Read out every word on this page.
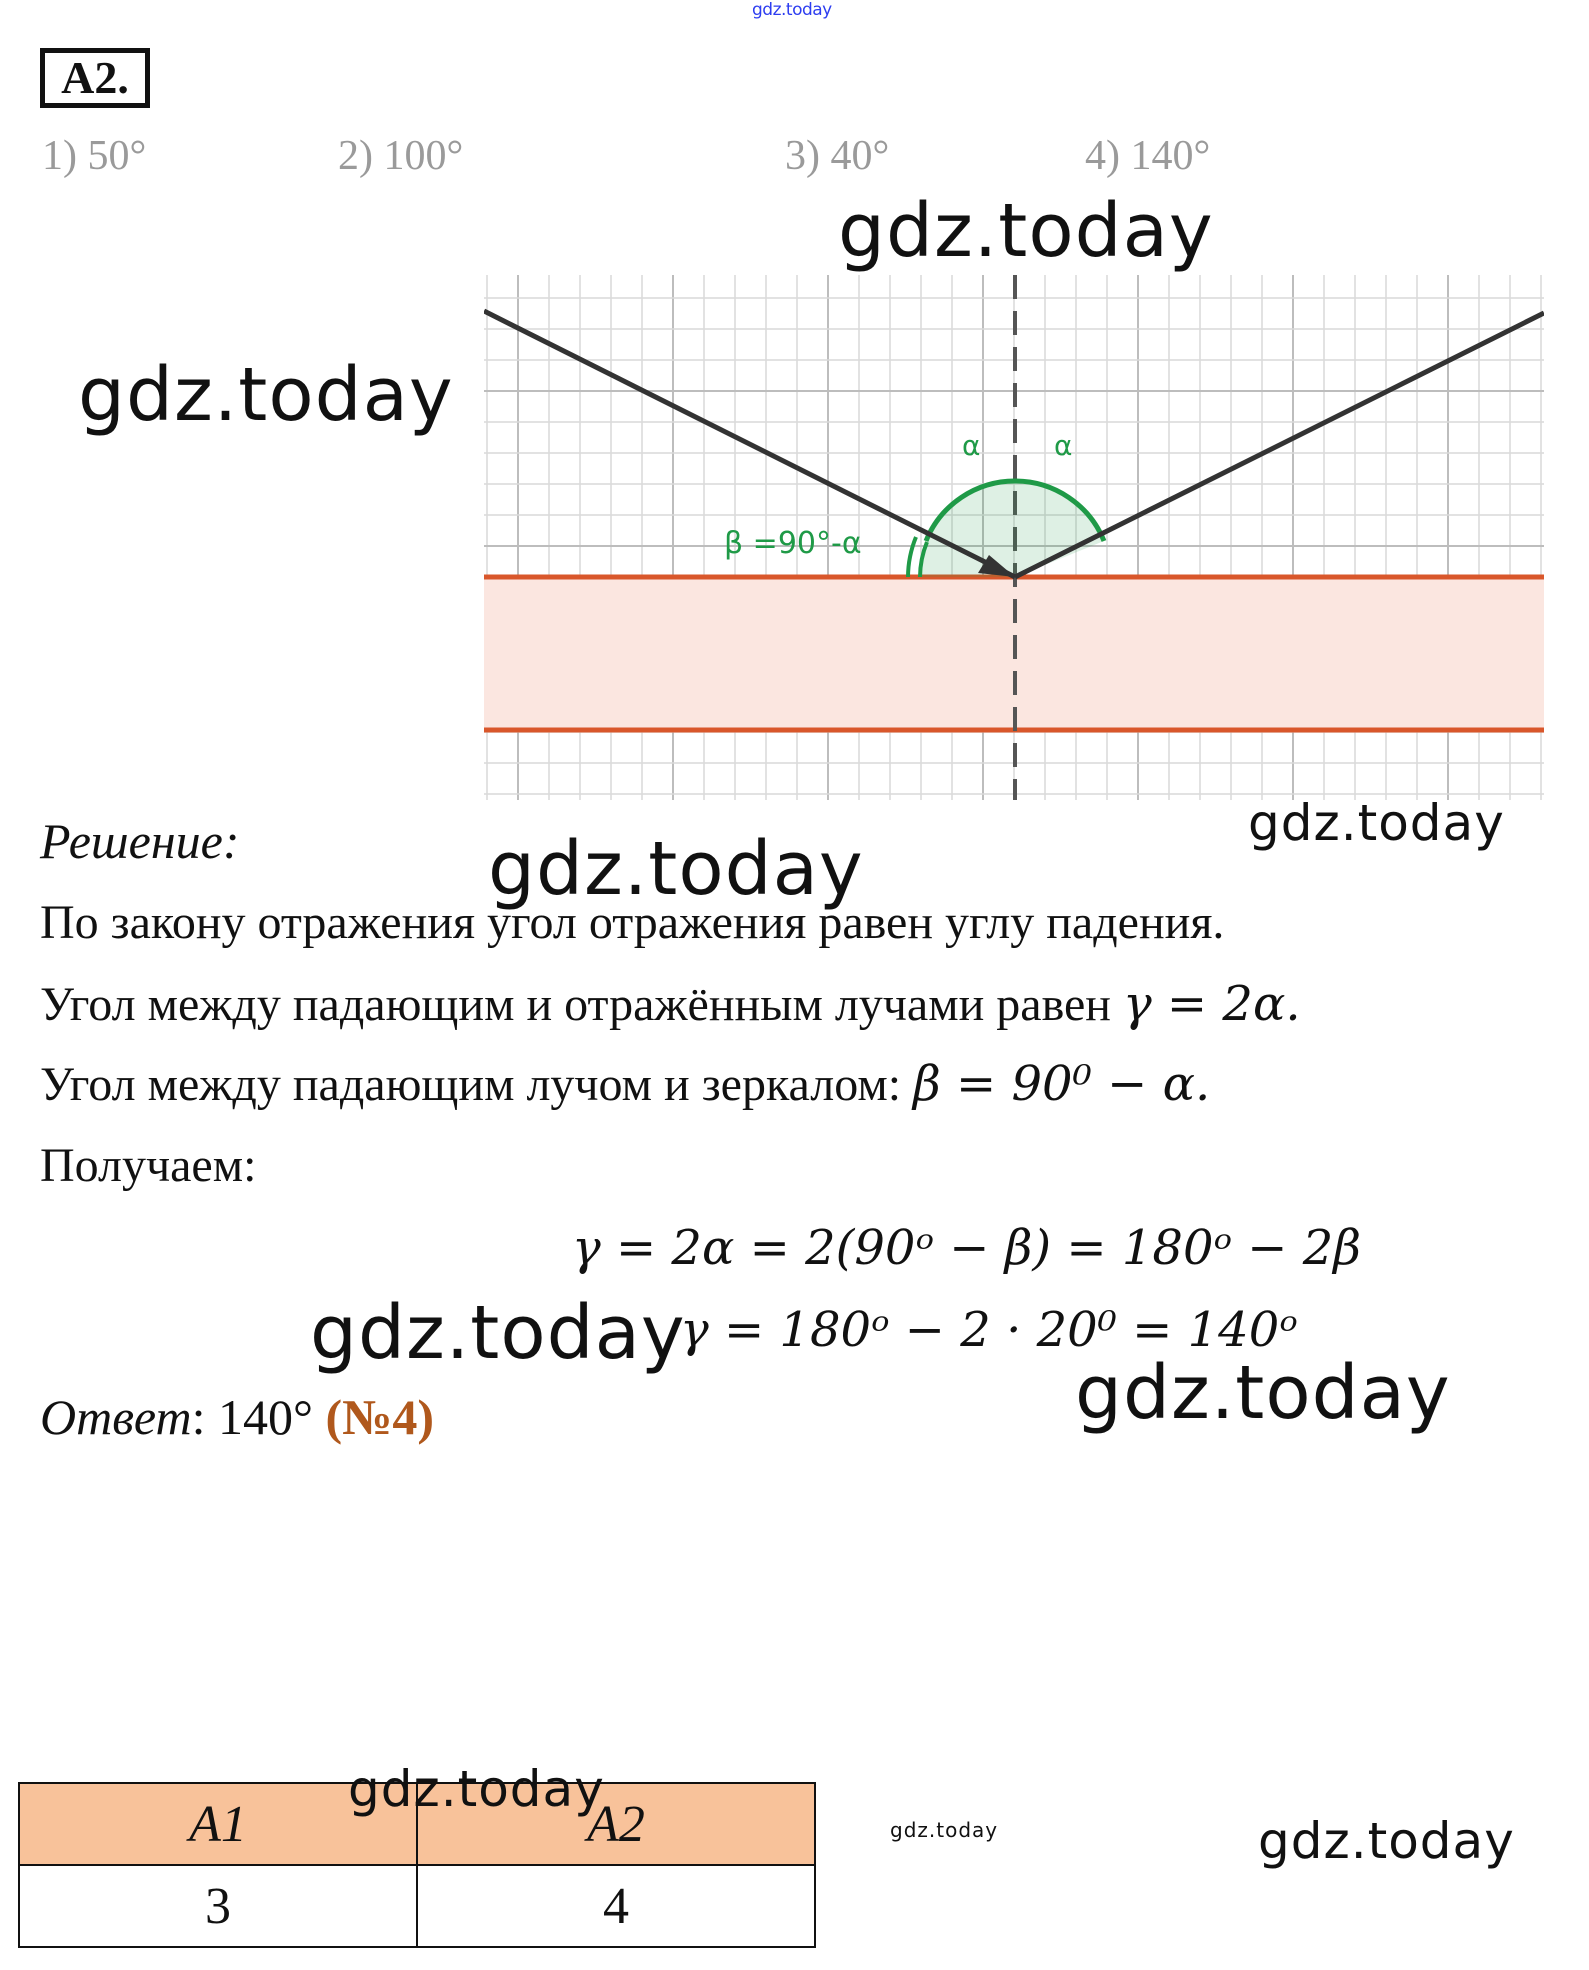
gdz.today
A2.
1) 50°	2) 100°	3) 40°	4) 140°
α	α
β =90°-α
gdz.today
gdz.today
gdz.today
Решение:	gdz.today
По закону отражения угол отражения равен углу падения.
Угол между падающим и отражённым лучами равен γ = 2α.
Угол между падающим лучом и зеркалом: β = 90⁰ − α.
Получаем:
γ = 2α = 2(90ᵒ − β) = 180ᵒ − 2β
γ = 180ᵒ − 2 · 20⁰ = 140ᵒ
gdz.today
Ответ: 140° (№4)	gdz.today
A1	A2
3	4
gdz.today
gdz.today	gdz.today
